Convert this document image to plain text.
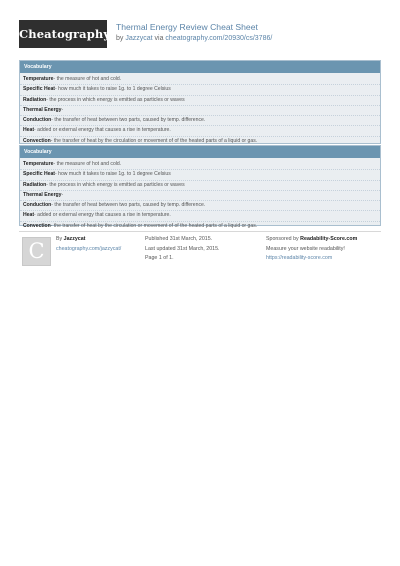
Cheatography Thermal Energy Review Cheat Sheet
by Jazzycat via cheatography.com/20930/cs/3786/
Vocabulary
Temperature- the measure of hot and cold.
Specific Heat- how much it takes to raise 1g. to 1 degree Celsius
Radiation- the process in which energy is emitted as particles or waves
Thermal Energy-
Conduction- the transfer of heat between two parts, caused by temp. difference.
Heat- added or external energy that causes a rise in temperature.
Convection- the transfer of heat by the circulation or movement of of the heated parts of a liquid or gas.
Vocabulary
Temperature- the measure of hot and cold.
Specific Heat- how much it takes to raise 1g. to 1 degree Celsius
Radiation- the process in which energy is emitted as particles or waves
Thermal Energy-
Conduction- the transfer of heat between two parts, caused by temp. difference.
Heat- added or external energy that causes a rise in temperature.
Convection- the transfer of heat by the circulation or movement of of the heated parts of a liquid or gas.
C	By Jazzycat
cheatography.com/jazzycat/
Published 31st March, 2015.
Last updated 31st March, 2015.
Page 1 of 1.
Sponsored by Readability-Score.com
Measure your website readability!
https://readability-score.com
